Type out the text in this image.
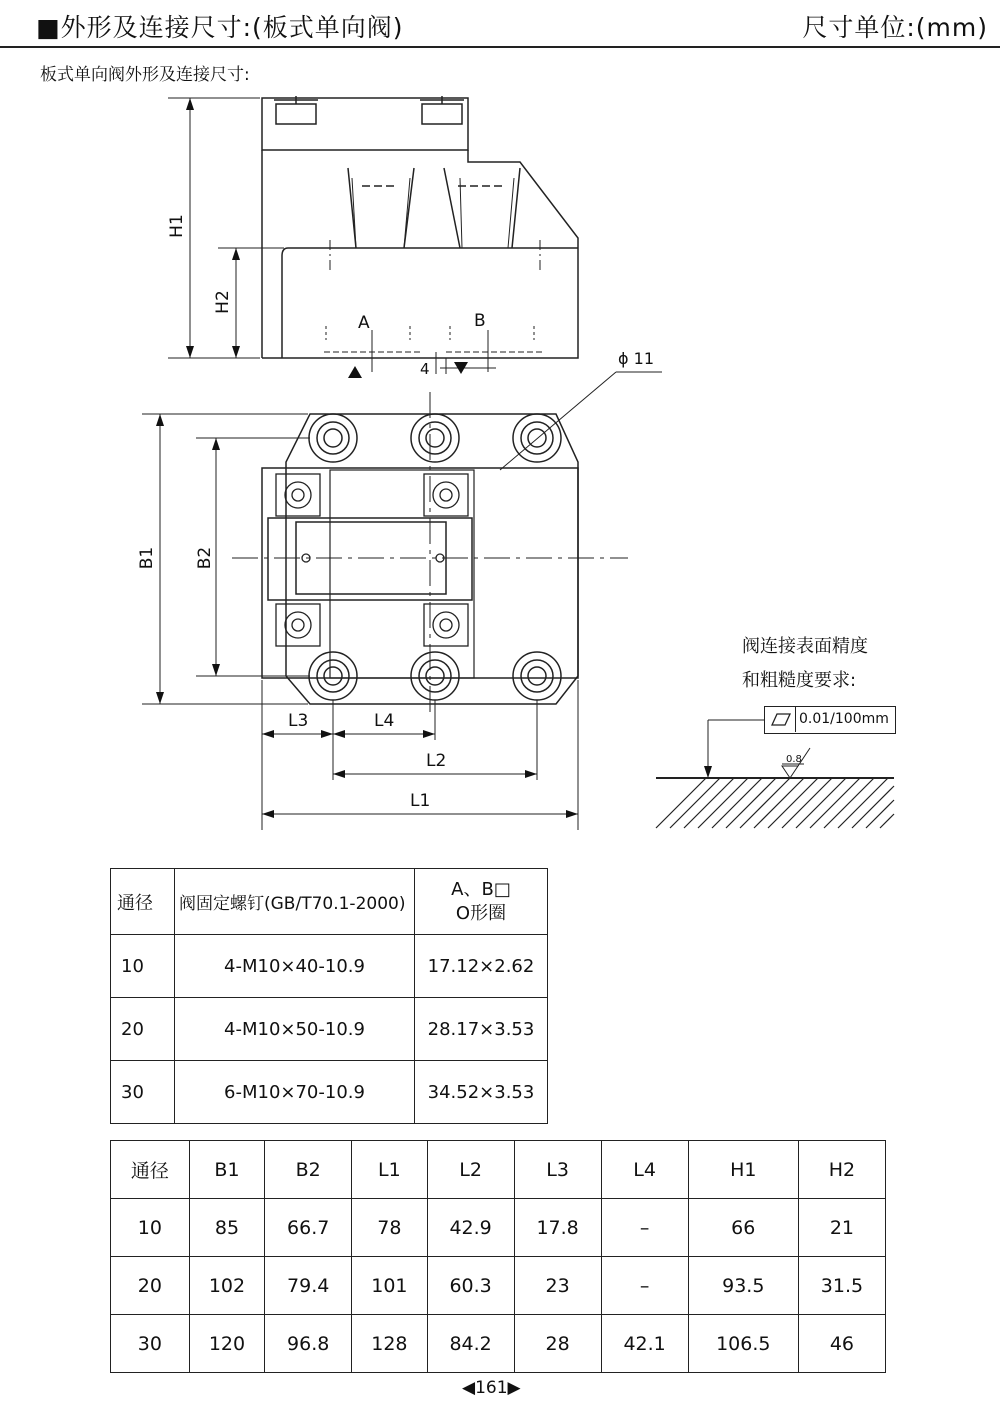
■外形及连接尺寸:(板式单向阀)	尺寸单位:(mm)
板式单向阀外形及连接尺寸:
H1
H2
A	B
4
ϕ 11
B1 B2
L3	L4
L2
L1
0.8
阀连接表面精度
和粗糙度要求:
0.01/100mm
通径	阀固定螺钉(GB/T70.1-2000)	A、B□
O形圈

10	4-M10×40-10.9	17.12×2.62
20	4-M10×50-10.9	28.17×3.53
30	6-M10×70-10.9	34.52×3.53
通径	B1	B2	L1	L2	L3	L4	H1	H2
10	85	66.7	78	42.9	17.8	–	66	21
20	102	79.4	101	60.3	23	–	93.5	31.5
30	120	96.8	128	84.2	28	42.1	106.5	46
◀161▶
